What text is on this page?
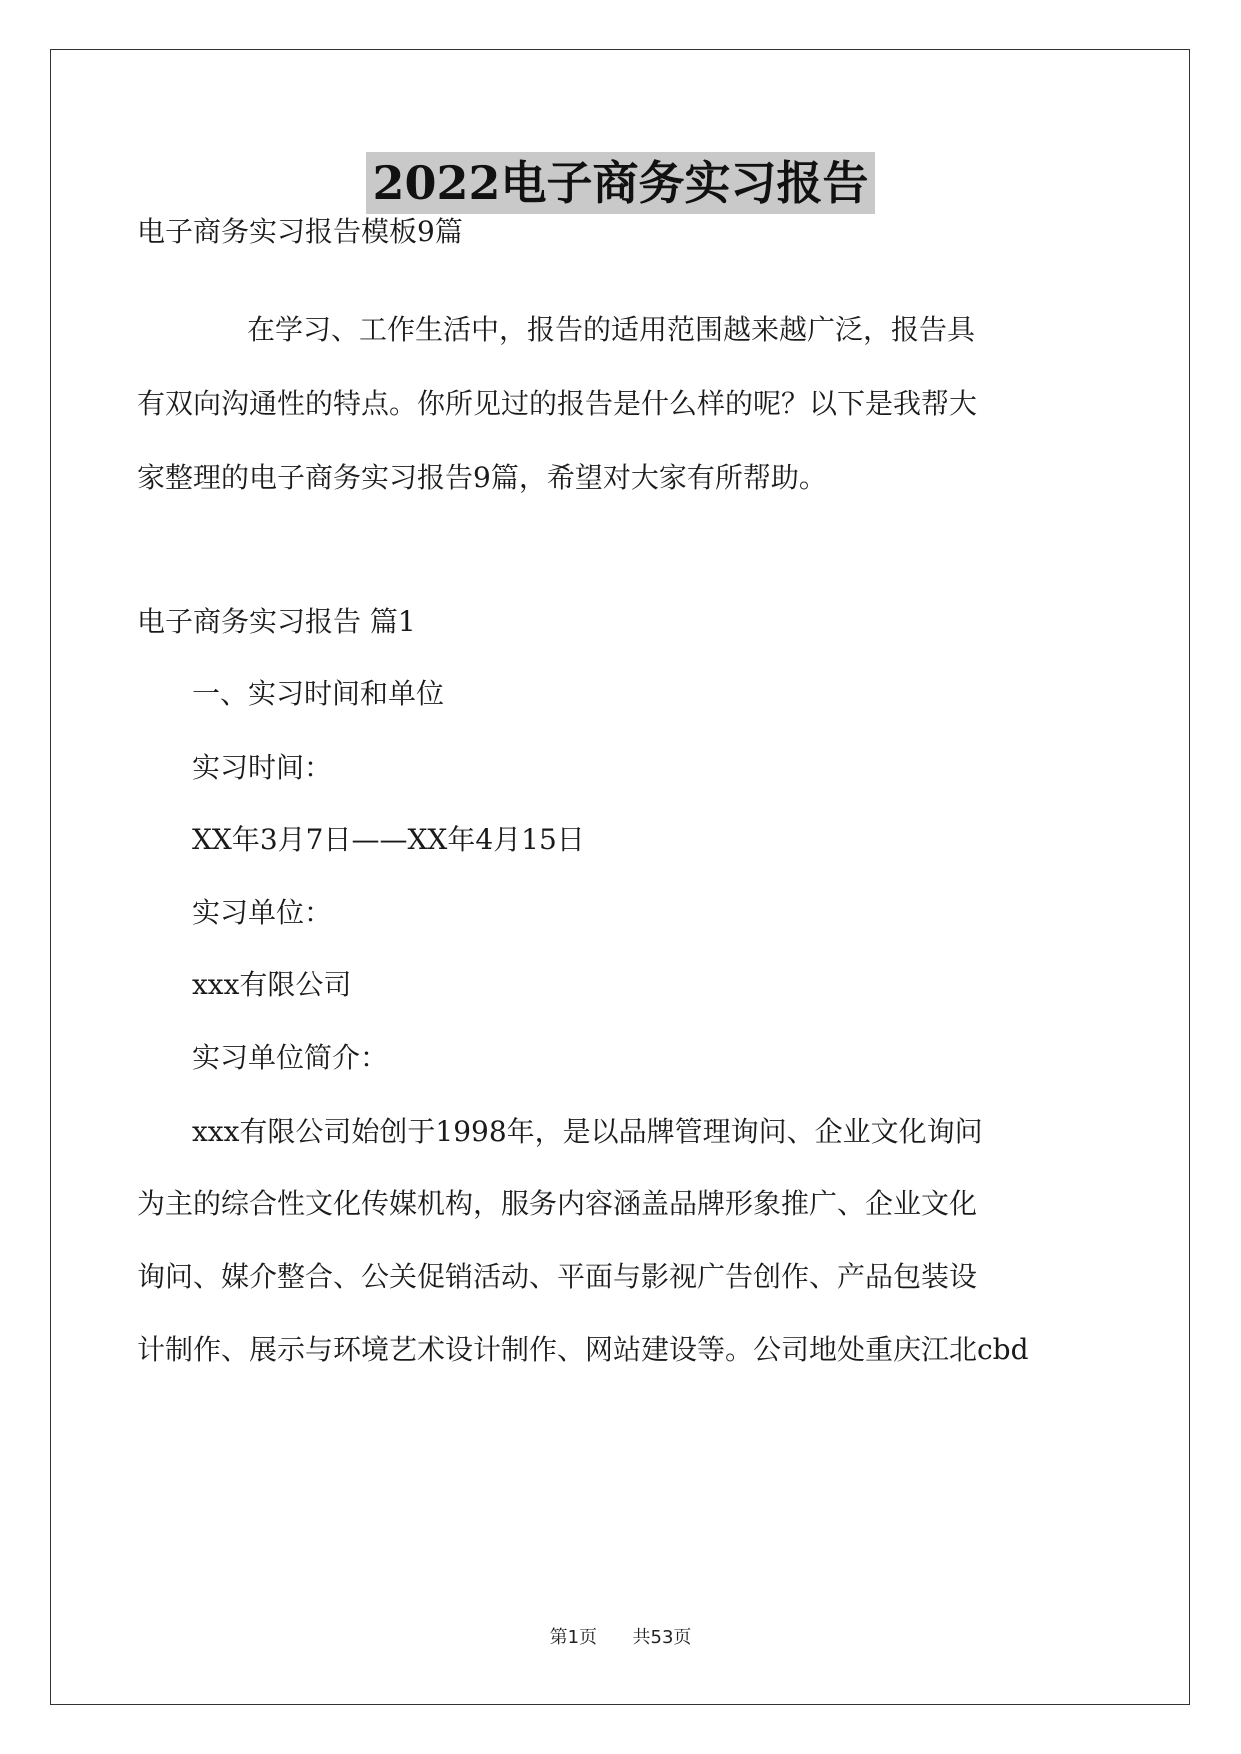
2022电子商务实习报告
电子商务实习报告模板9篇
在学习、工作生活中，报告的适用范围越来越广泛，报告具
有双向沟通性的特点。你所见过的报告是什么样的呢？以下是我帮大
家整理的电子商务实习报告9篇，希望对大家有所帮助。
电子商务实习报告 篇1
一、实习时间和单位
实习时间：
XX年3月7日——XX年4月15日
实习单位：
xxx有限公司
实习单位简介：
xxx有限公司始创于1998年，是以品牌管理询问、企业文化询问
为主的综合性文化传媒机构，服务内容涵盖品牌形象推广、企业文化
询问、媒介整合、公关促销活动、平面与影视广告创作、产品包装设
计制作、展示与环境艺术设计制作、网站建设等。公司地处重庆江北cbd
第1页 共53页
